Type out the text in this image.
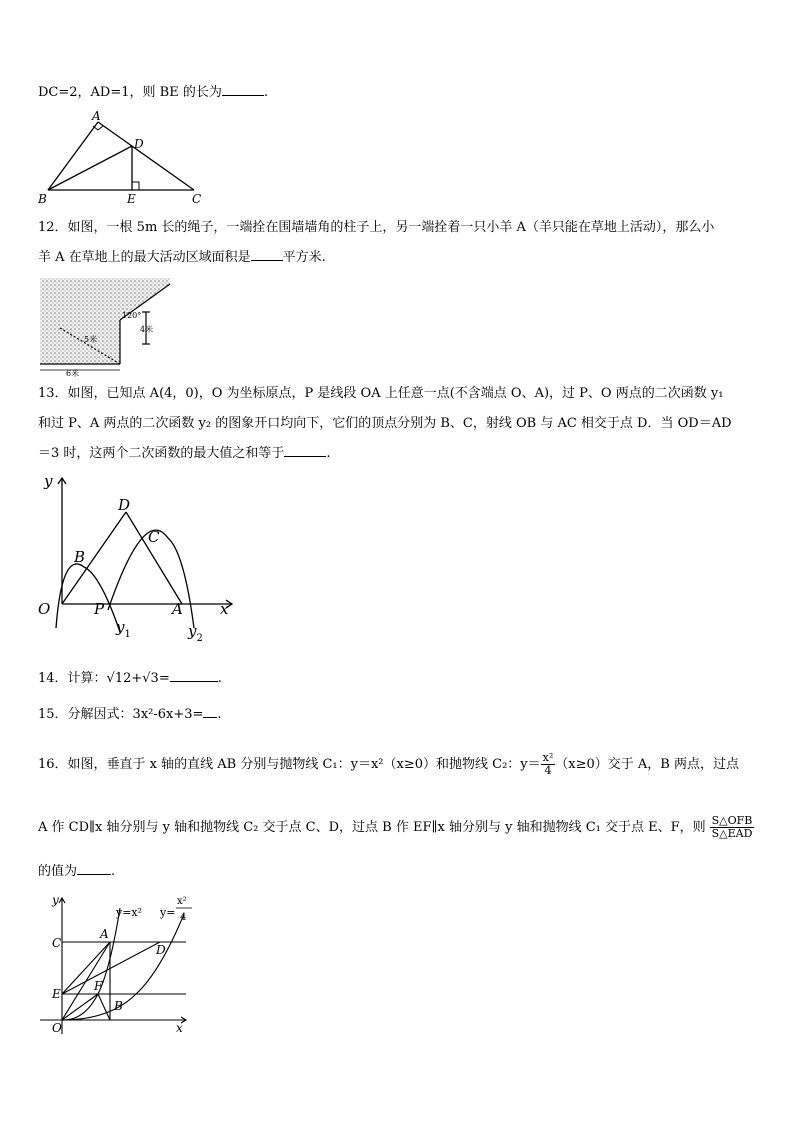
DC=2，AD=1，则 BE 的长为	.
A
B	C
D
E
12．如图，一根 5m 长的绳子，一端拴在围墙墙角的柱子上，另一端拴着一只小羊 A（羊只能在草地上活动），那么小
羊 A 在草地上的最大活动区域面积是 平方米.
120°
5米
4米
6米
13．如图，已知点 A(4，0)，O 为坐标原点，P 是线段 OA 上任意一点(不含端点 O、A)，过 P、O 两点的二次函数 y₁
和过 P、A 两点的二次函数 y₂ 的图象开口均向下，它们的顶点分别为 B、C，射线 OB 与 AC 相交于点 D．当 OD＝AD
＝3 时，这两个二次函数的最大值之和等于	.
y
x
O	P	A
B
C
D
$y_1$	$y_2$
14．计算：√12+√3=	.
15．分解因式：3x²-6x+3= .
16．如图，垂直于 x 轴的直线 AB 分别与抛物线 C₁：y＝x²（x≥0）和抛物线 C₂：$y= \frac{\text{x²}}{4} (x\ge 0)$交于 A，B 两点，过点
A 作 CD∥x 轴分别与 y 轴和抛物线 C₂ 交于点 C、D，过点 B 作 EF∥x 轴分别与 y 轴和抛物线 C₁ 交于点 E、F，则 $\frac{\text{S△OFB}}{\text{S△EAD}}$
的值为	.
y
x
O
C
E
A
D
F
B
y=x² y=
x²
4
